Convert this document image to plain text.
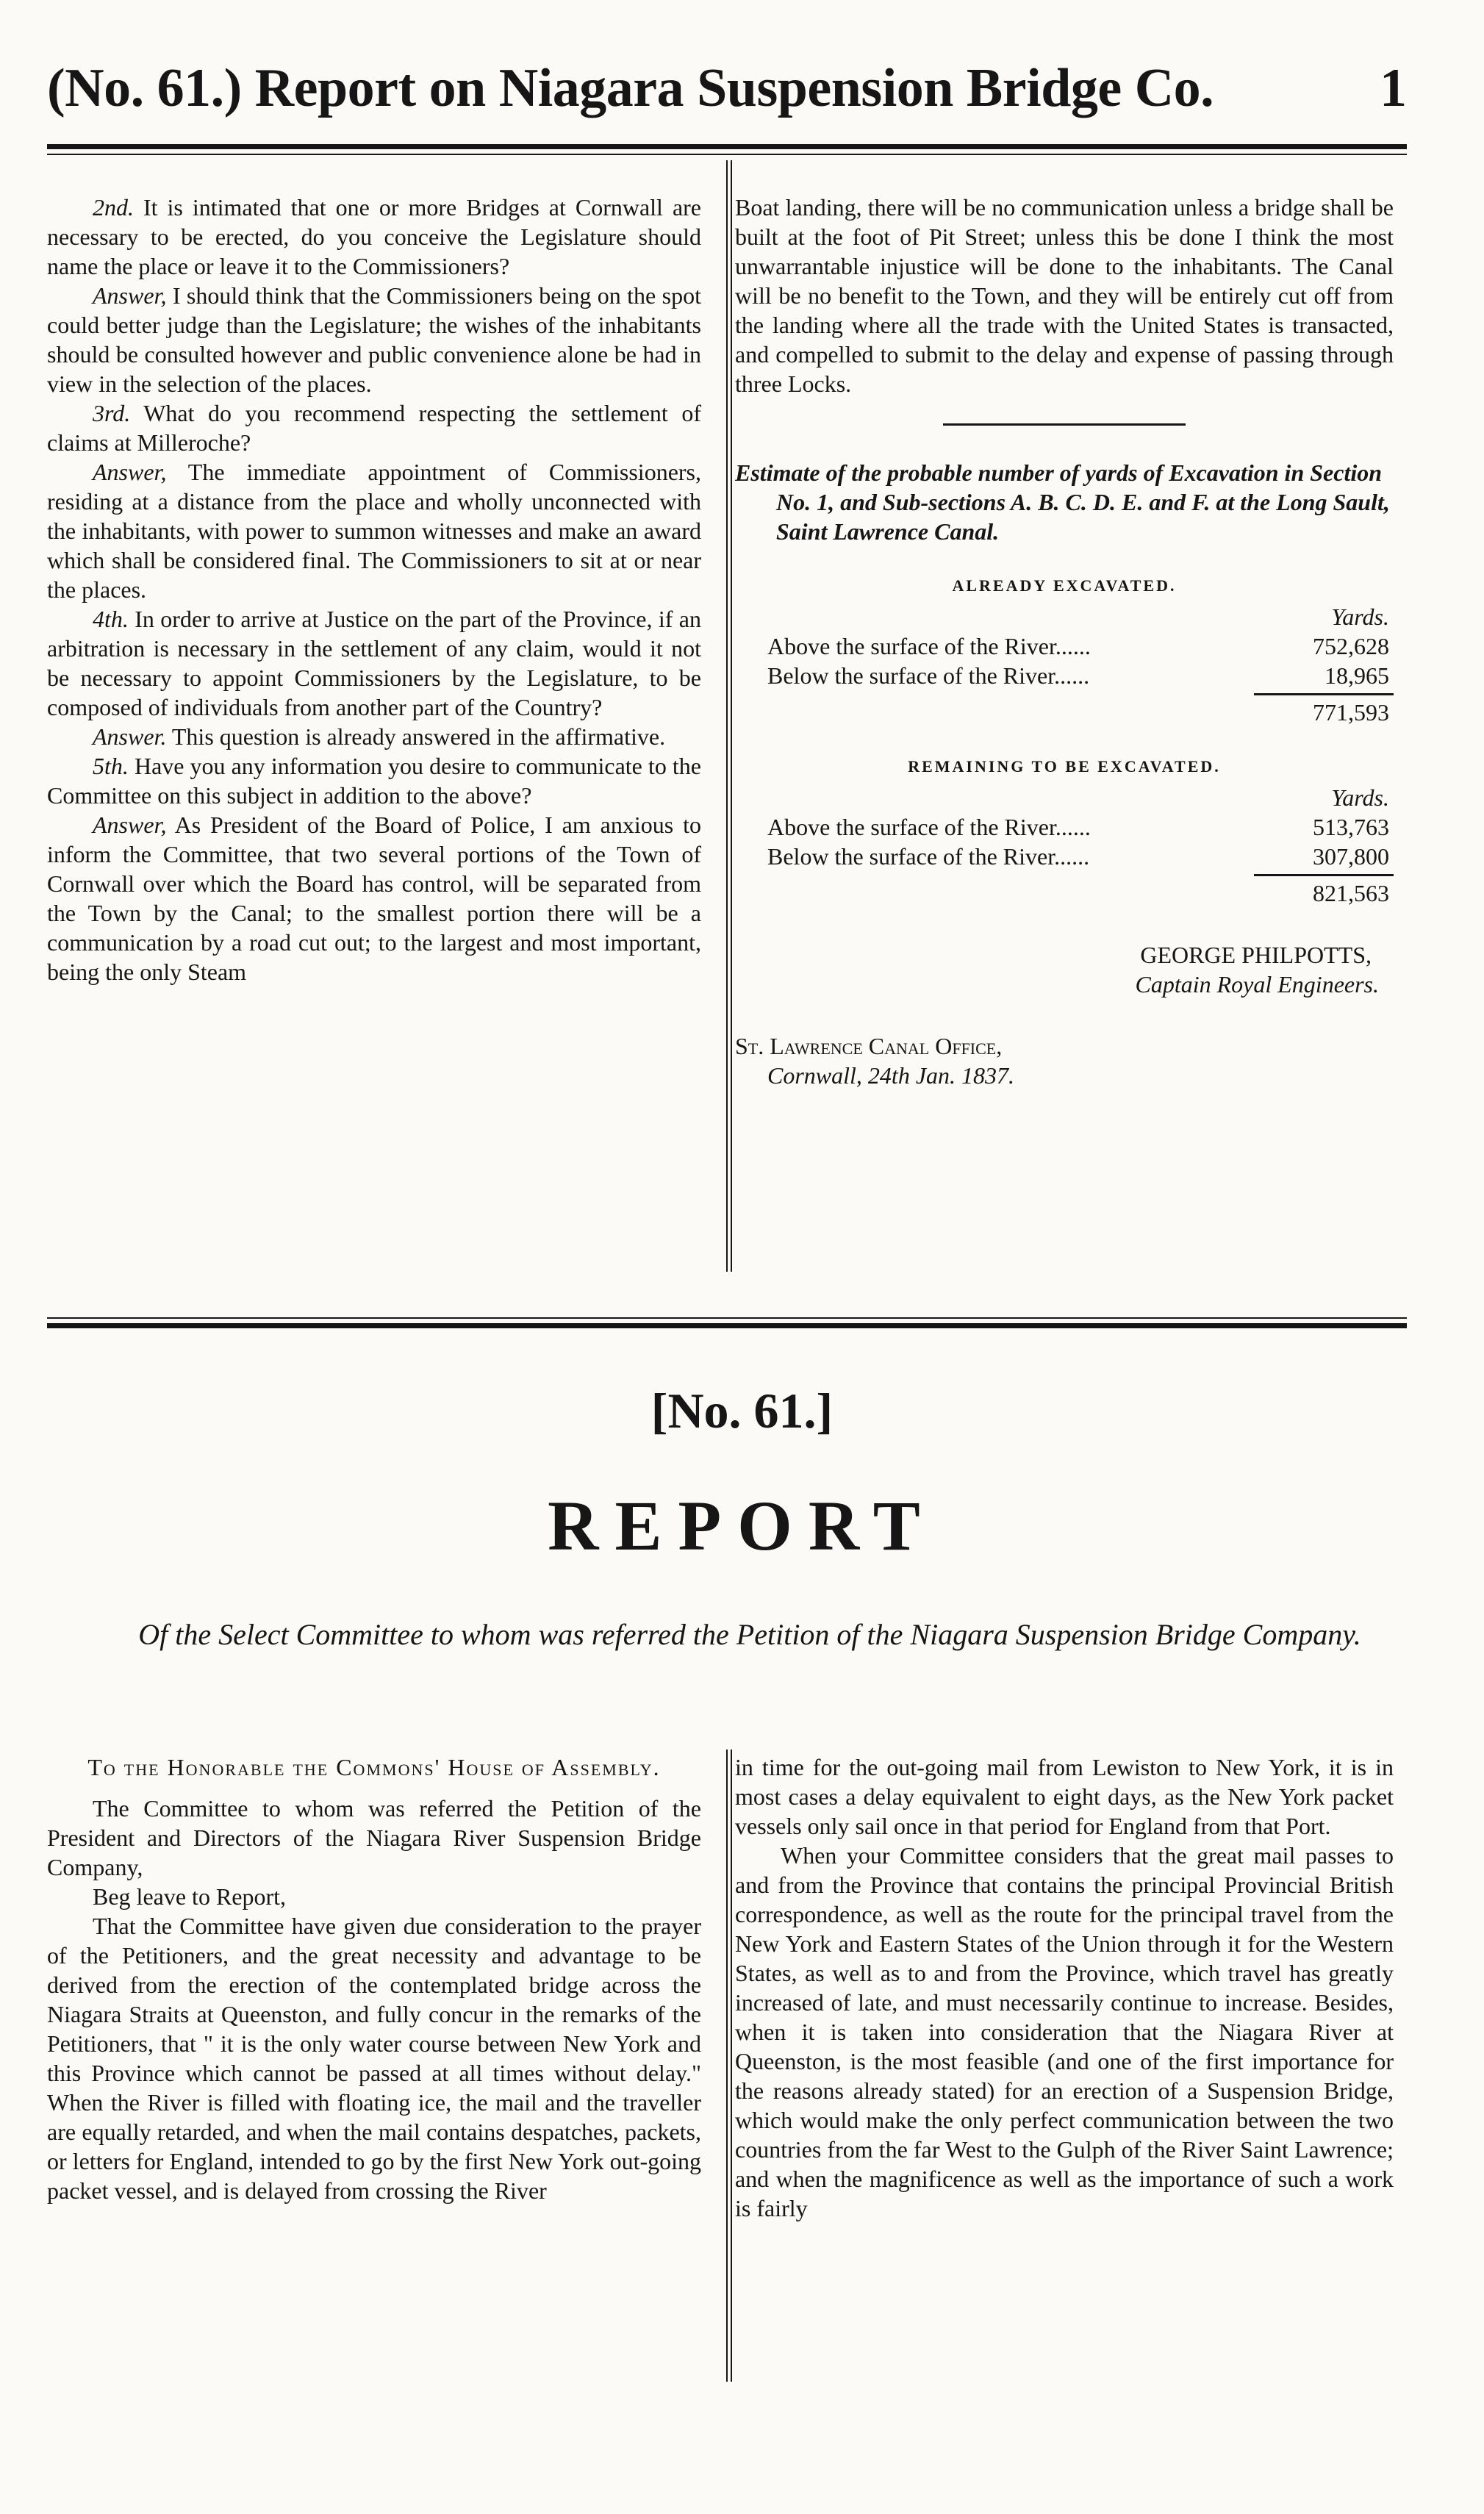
(No. 61.) Report on Niagara Suspension Bridge Co.	1

2nd. It is intimated that one or more Bridges at Cornwall are necessary to be erected, do you conceive the Legislature should name the place or leave it to the Commissioners?

Answer, I should think that the Commissioners being on the spot could better judge than the Legislature; the wishes of the inhabitants should be consulted however and public convenience alone be had in view in the selection of the places.

3rd. What do you recommend respecting the settlement of claims at Milleroche?

Answer, The immediate appointment of Commissioners, residing at a distance from the place and wholly unconnected with the inhabitants, with power to summon witnesses and make an award which shall be considered final. The Commissioners to sit at or near the places.

4th. In order to arrive at Justice on the part of the Province, if an arbitration is necessary in the settlement of any claim, would it not be necessary to appoint Commissioners by the Legislature, to be composed of individuals from another part of the Country?

Answer. This question is already answered in the affirmative.

5th. Have you any information you desire to communicate to the Committee on this subject in addition to the above?

Answer, As President of the Board of Police, I am anxious to inform the Committee, that two several portions of the Town of Cornwall over which the Board has control, will be separated from the Town by the Canal; to the smallest portion there will be a communication by a road cut out; to the largest and most important, being the only Steam

Boat landing, there will be no communication unless a bridge shall be built at the foot of Pit Street; unless this be done I think the most unwarrantable injustice will be done to the inhabitants. The Canal will be no benefit to the Town, and they will be entirely cut off from the landing where all the trade with the United States is transacted, and compelled to submit to the delay and expense of passing through three Locks.

Estimate of the probable number of yards of Excavation in Section No. 1, and Sub-sections A. B. C. D. E. and F. at the Long Sault, Saint Lawrence Canal.

ALREADY EXCAVATED.
Yards.
Above the surface of the River......	752,628
Below the surface of the River......	18,965
771,593
REMAINING TO BE EXCAVATED.
Yards.
Above the surface of the River......	513,763
Below the surface of the River......	307,800
821,563
GEORGE PHILPOTTS,
Captain Royal Engineers.
St. Lawrence Canal Office,
Cornwall, 24th Jan. 1837.
[No. 61.]
REPORT
Of the Select Committee to whom was referred the Petition of the Niagara Suspension Bridge Company.
To the Honorable the Commons' House of Assembly.

The Committee to whom was referred the Petition of the President and Directors of the Niagara River Suspension Bridge Company,

Beg leave to Report,

That the Committee have given due consideration to the prayer of the Petitioners, and the great necessity and advantage to be derived from the erection of the contemplated bridge across the Niagara Straits at Queenston, and fully concur in the remarks of the Petitioners, that " it is the only water course between New York and this Province which cannot be passed at all times without delay." When the River is filled with floating ice, the mail and the traveller are equally retarded, and when the mail contains despatches, packets, or letters for England, intended to go by the first New York out-going packet vessel, and is delayed from crossing the River

in time for the out-going mail from Lewiston to New York, it is in most cases a delay equivalent to eight days, as the New York packet vessels only sail once in that period for England from that Port.

When your Committee considers that the great mail passes to and from the Province that contains the principal Provincial British correspondence, as well as the route for the principal travel from the New York and Eastern States of the Union through it for the Western States, as well as to and from the Province, which travel has greatly increased of late, and must necessarily continue to increase. Besides, when it is taken into consideration that the Niagara River at Queenston, is the most feasible (and one of the first importance for the reasons already stated) for an erection of a Suspension Bridge, which would make the only perfect communication between the two countries from the far West to the Gulph of the River Saint Lawrence; and when the magnificence as well as the importance of such a work is fairly
